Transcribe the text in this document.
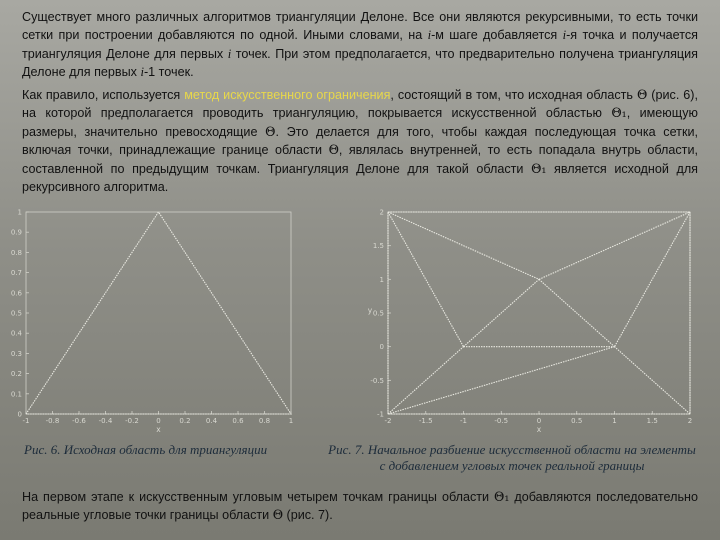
Существует много различных алгоритмов триангуляции Делоне. Все они являются рекурсивными, то есть точки сетки при построении добавляются по одной. Иными словами, на i-м шаге добавляется i-я точка и получается триангуляция Делоне для первых i точек. При этом предполагается, что предварительно получена триангуляция Делоне для первых i-1 точек.

Как правило, используется метод искусственного ограничения, состоящий в том, что исходная область Θ (рис. 6), на которой предполагается проводить триангуляцию, покрывается искусственной областью Θ₁, имеющую размеры, значительно превосходящие Θ. Это делается для того, чтобы каждая последующая точка сетки, включая точки, принадлежащие границе области Θ, являлась внутренней, то есть попадала внутрь области, составленной по предыдущим точкам. Триангуляция Делоне для такой области Θ₁ является исходной для рекурсивного алгоритма.

-1 -0.8 -0.6 -0.4 -0.2 0	0.2 0.4 0.6 0.8	1
0
0.1
0.2
0.3
0.4
0.5
0.6
0.7
0.8
0.9
1
x
-2	-1.5	-1	-0.5	0	0.5	1	1.5	2
-1
-0.5
0
0.5
1
1.5
2
x
y

Рис. 6. Исходная область для триангуляции	Рис. 7. Начальное разбиение искусственной области на элементы
с добавлением угловых точек реальной границы

На первом этапе к искусственным угловым четырем точкам границы области Θ₁ добавляются последовательно реальные угловые точки границы области Θ (рис. 7).
